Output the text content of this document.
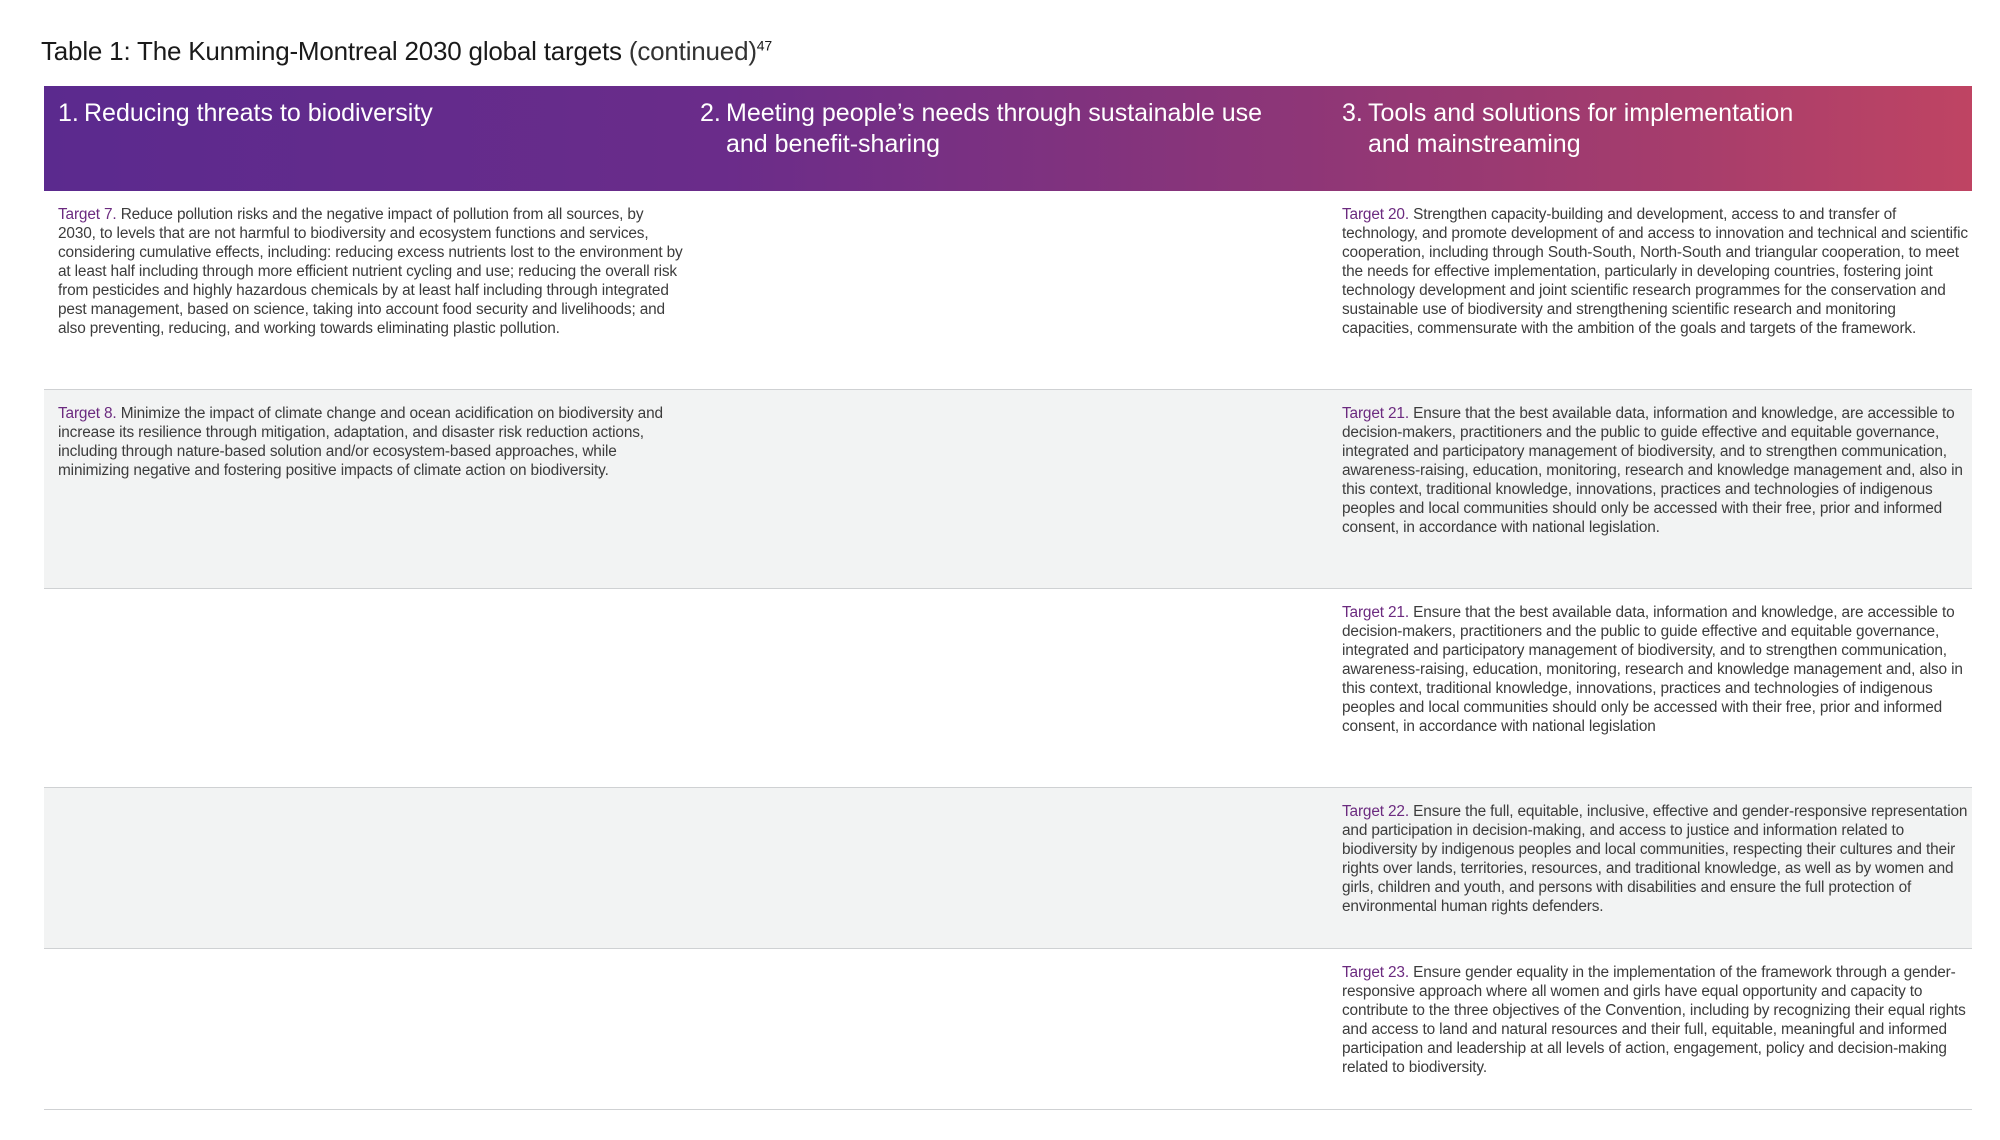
Table 1: The Kunming-Montreal 2030 global targets (continued)$^{47}$
1. Reducing threats to biodiversity	2. Meeting people’s needs through sustainable use
and benefit-sharing
3. Tools and solutions for implementation
and mainstreaming
Target 7. Reduce pollution risks and the negative impact of pollution from all sources, by 2030, to levels that are not harmful to biodiversity and ecosystem functions and services, considering cumulative effects, including: reducing excess nutrients lost to the environment by at least half including through more efficient nutrient cycling and use; reducing the overall risk from pesticides and highly hazardous chemicals by at least half including through integrated pest management, based on science, taking into account food security and livelihoods; and also preventing, reducing, and working towards eliminating plastic pollution.
Target 20. Strengthen capacity-building and development, access to and transfer of technology, and promote development of and access to innovation and technical and scientific cooperation, including through South-South, North-South and triangular cooperation, to meet the needs for effective implementation, particularly in developing countries, fostering joint technology development and joint scientific research programmes for the conservation and sustainable use of biodiversity and strengthening scientific research and monitoring capacities, commensurate with the ambition of the goals and targets of the framework.
Target 8. Minimize the impact of climate change and ocean acidification on biodiversity and increase its resilience through mitigation, adaptation, and disaster risk reduction actions, including through nature-based solution and/or ecosystem-based approaches, while minimizing negative and fostering positive impacts of climate action on biodiversity.
Target 21. Ensure that the best available data, information and knowledge, are accessible to decision-makers, practitioners and the public to guide effective and equitable governance, integrated and participatory management of biodiversity, and to strengthen communication, awareness-raising, education, monitoring, research and knowledge management and, also in this context, traditional knowledge, innovations, practices and technologies of indigenous peoples and local communities should only be accessed with their free, prior and informed consent, in accordance with national legislation.
Target 21. Ensure that the best available data, information and knowledge, are accessible to decision-makers, practitioners and the public to guide effective and equitable governance, integrated and participatory management of biodiversity, and to strengthen communication, awareness-raising, education, monitoring, research and knowledge management and, also in this context, traditional knowledge, innovations, practices and technologies of indigenous peoples and local communities should only be accessed with their free, prior and informed consent, in accordance with national legislation
Target 22. Ensure the full, equitable, inclusive, effective and gender-responsive representation and participation in decision-making, and access to justice and information related to biodiversity by indigenous peoples and local communities, respecting their cultures and their rights over lands, territories, resources, and traditional knowledge, as well as by women and girls, children and youth, and persons with disabilities and ensure the full protection of environmental human rights defenders.
Target 23. Ensure gender equality in the implementation of the framework through a gender-responsive approach where all women and girls have equal opportunity and capacity to contribute to the three objectives of the Convention, including by recognizing their equal rights and access to land and natural resources and their full, equitable, meaningful and informed participation and leadership at all levels of action, engagement, policy and decision-making related to biodiversity.
